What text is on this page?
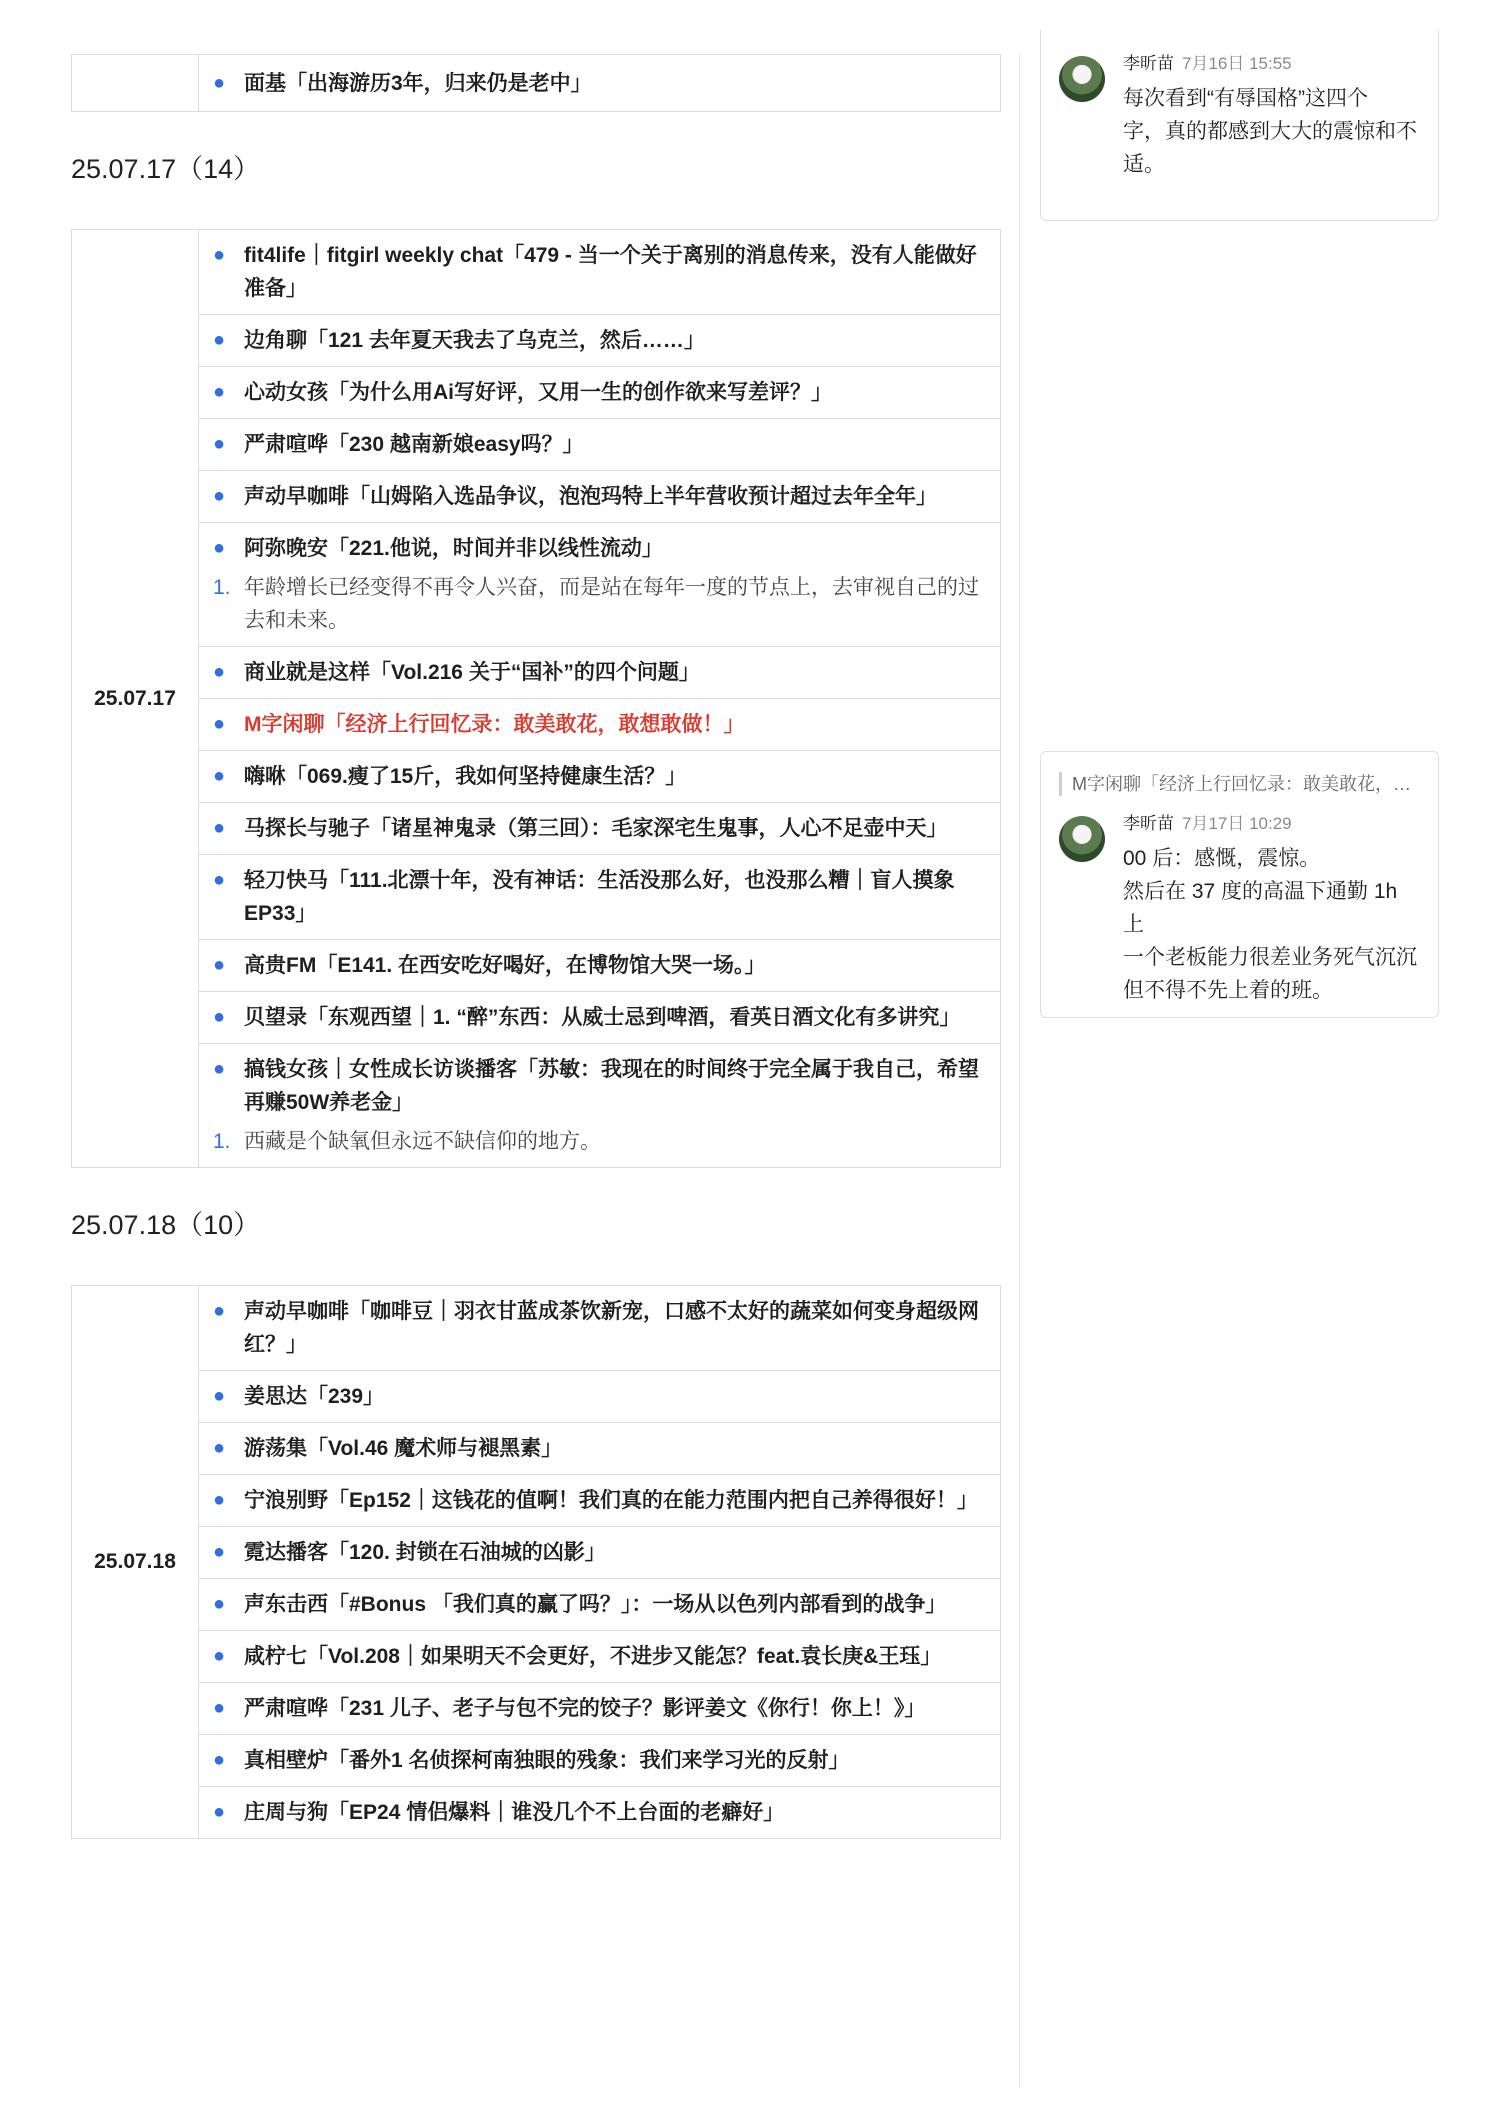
● 面基「出海游历3年，归来仍是老中」
25.07.17（14）
25.07.17	
● fit4life｜fitgirl weekly chat「479 - 当一个关于离别的消息传来，没有人能做好准备」

● 边角聊「121 去年夏天我去了乌克兰，然后……」

● 心动女孩「为什么用Ai写好评，又用一生的创作欲来写差评？」

● 严肃喧哗「230 越南新娘easy吗？」

● 声动早咖啡「山姆陷入选品争议，泡泡玛特上半年营收预计超过去年全年」

● 阿弥晚安「221.他说，时间并非以线性流动」
1. 年龄增长已经变得不再令人兴奋，而是站在每年一度的节点上，去审视自己的过去和未来。

● 商业就是这样「Vol.216 关于“国补”的四个问题」

● M字闲聊「经济上行回忆录：敢美敢花，敢想敢做！」

● 嗨咻「069.瘦了15斤，我如何坚持健康生活？」

● 马探长与驰子「诸星神鬼录（第三回）：毛家深宅生鬼事，人心不足壶中天」

● 轻刀快马「111.北漂十年，没有神话：生活没那么好，也没那么糟｜盲人摸象EP33」

● 高贵FM「E141. 在西安吃好喝好，在博物馆大哭一场。」

● 贝望录「东观西望｜1. “醉”东西：从威士忌到啤酒，看英日酒文化有多讲究」

● 搞钱女孩｜女性成长访谈播客「苏敏：我现在的时间终于完全属于我自己，希望再赚50W养老金」
1. 西藏是个缺氧但永远不缺信仰的地方。
25.07.18（10）
25.07.18	
● 声动早咖啡「咖啡豆｜羽衣甘蓝成茶饮新宠，口感不太好的蔬菜如何变身超级网红？」

● 姜思达「239」

● 游荡集「Vol.46 魔术师与褪黑素」

● 宁浪别野「Ep152｜这钱花的值啊！我们真的在能力范围内把自己养得很好！」

● 霓达播客「120. 封锁在石油城的凶影」

● 声东击西「#Bonus 「我们真的赢了吗？」：一场从以色列内部看到的战争」

● 咸柠七「Vol.208｜如果明天不会更好，不进步又能怎？feat.袁长庚&王珏」

● 严肃喧哗「231 儿子、老子与包不完的饺子？影评姜文《你行！你上！》」

● 真相壁炉「番外1 名侦探柯南独眼的残象：我们来学习光的反射」

● 庄周与狗「EP24 情侣爆料｜谁没几个不上台面的老癖好」
李昕苗 7月16日 15:55
每次看到“有辱国格”这四个
字，真的都感到大大的震惊和不
适。
M字闲聊「经济上行回忆录：敢美敢花，…
李昕苗 7月17日 10:29
00 后：感慨，震惊。
然后在 37 度的高温下通勤 1h 上
一个老板能力很差业务死气沉沉
但不得不先上着的班。
